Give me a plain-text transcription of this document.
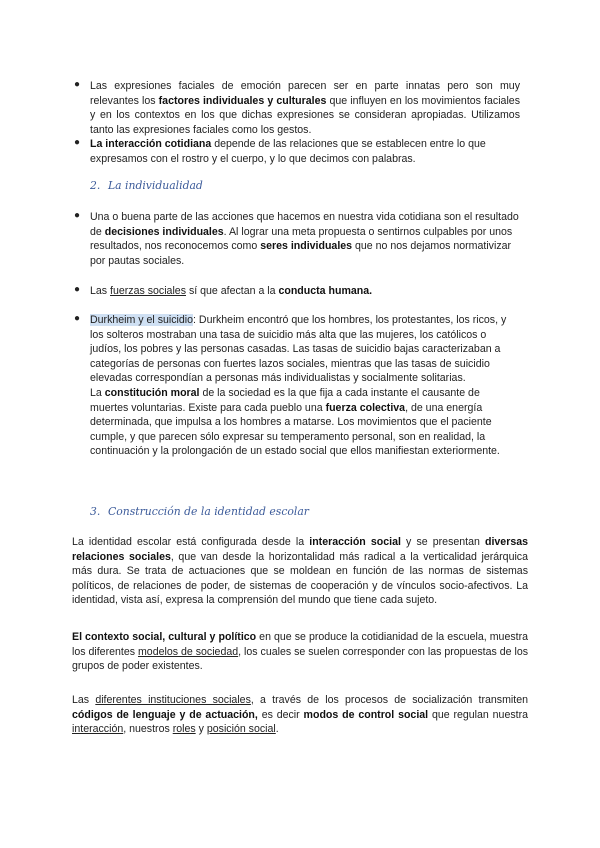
● Las expresiones faciales de emoción parecen ser en parte innatas pero son muy relevantes los factores individuales y culturales que influyen en los movimientos faciales y en los contextos en los que dichas expresiones se consideran apropiadas. Utilizamos tanto las expresiones faciales como los gestos.

● La interacción cotidiana depende de las relaciones que se establecen entre lo que expresamos con el rostro y el cuerpo, y lo que decimos con palabras.

2. La individualidad
● Una o buena parte de las acciones que hacemos en nuestra vida cotidiana son el resultado de decisiones individuales. Al lograr una meta propuesta o sentirnos culpables por unos resultados, nos reconocemos como seres individuales que no nos dejamos normativizar por pautas sociales.

● Las fuerzas sociales sí que afectan a la conducta humana.

● Durkheim y el suicidio: Durkheim encontró que los hombres, los protestantes, los ricos, y los solteros mostraban una tasa de suicidio más alta que las mujeres, los católicos o judíos, los pobres y las personas casadas. Las tasas de suicidio bajas caracterizaban a categorías de personas con fuertes lazos sociales, mientras que las tasas de suicidio elevadas correspondían a personas más individualistas y socialmente solitarias.

La constitución moral de la sociedad es la que fija a cada instante el causante de muertes voluntarias. Existe para cada pueblo una fuerza colectiva, de una energía determinada, que impulsa a los hombres a matarse. Los movimientos que el paciente cumple, y que parecen sólo expresar su temperamento personal, son en realidad, la continuación y la prolongación de un estado social que ellos manifiestan exteriormente.

3. Construcción de la identidad escolar

La identidad escolar está configurada desde la interacción social y se presentan diversas relaciones sociales, que van desde la horizontalidad más radical a la verticalidad jerárquica más dura. Se trata de actuaciones que se moldean en función de las normas de sistemas políticos, de relaciones de poder, de sistemas de cooperación y de vínculos socio-afectivos. La identidad, vista así, expresa la comprensión del mundo que tiene cada sujeto.

El contexto social, cultural y político en que se produce la cotidianidad de la escuela, muestra los diferentes modelos de sociedad, los cuales se suelen corresponder con las propuestas de los grupos de poder existentes.

Las diferentes instituciones sociales, a través de los procesos de socialización transmiten códigos de lenguaje y de actuación, es decir modos de control social que regulan nuestra interacción, nuestros roles y posición social.
